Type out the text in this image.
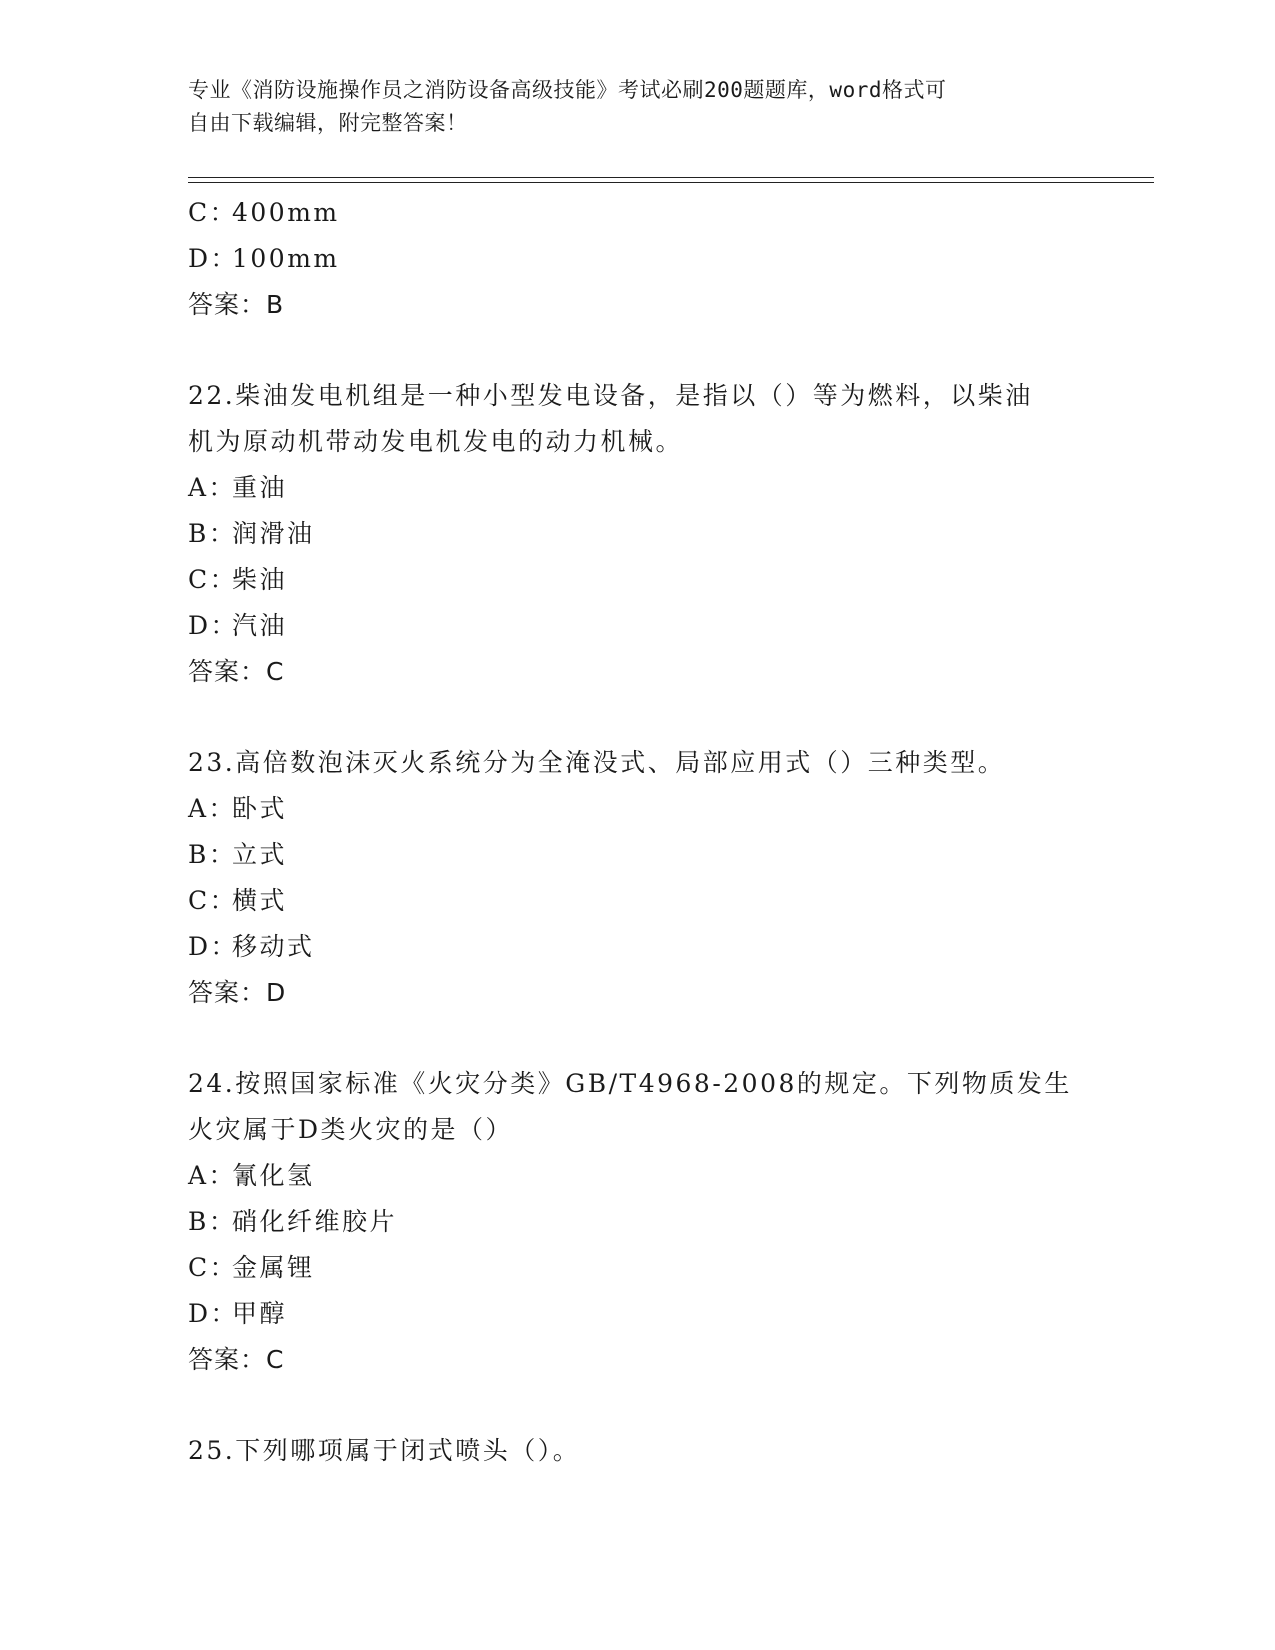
专业《消防设施操作员之消防设备高级技能》考试必刷200题题库，word格式可
自由下载编辑，附完整答案！
C：400mm
D：100mm
答案：B
22.柴油发电机组是一种小型发电设备，是指以（）等为燃料，以柴油
机为原动机带动发电机发电的动力机械。
A：重油
B：润滑油
C：柴油
D：汽油
答案：C
23.高倍数泡沫灭火系统分为全淹没式、局部应用式（）三种类型。
A：卧式
B：立式
C：横式
D：移动式
答案：D
24.按照国家标准《火灾分类》GB/T4968-2008的规定。下列物质发生
火灾属于D类火灾的是（）
A：氰化氢
B：硝化纤维胶片
C：金属锂
D：甲醇
答案：C
25.下列哪项属于闭式喷头（）。
